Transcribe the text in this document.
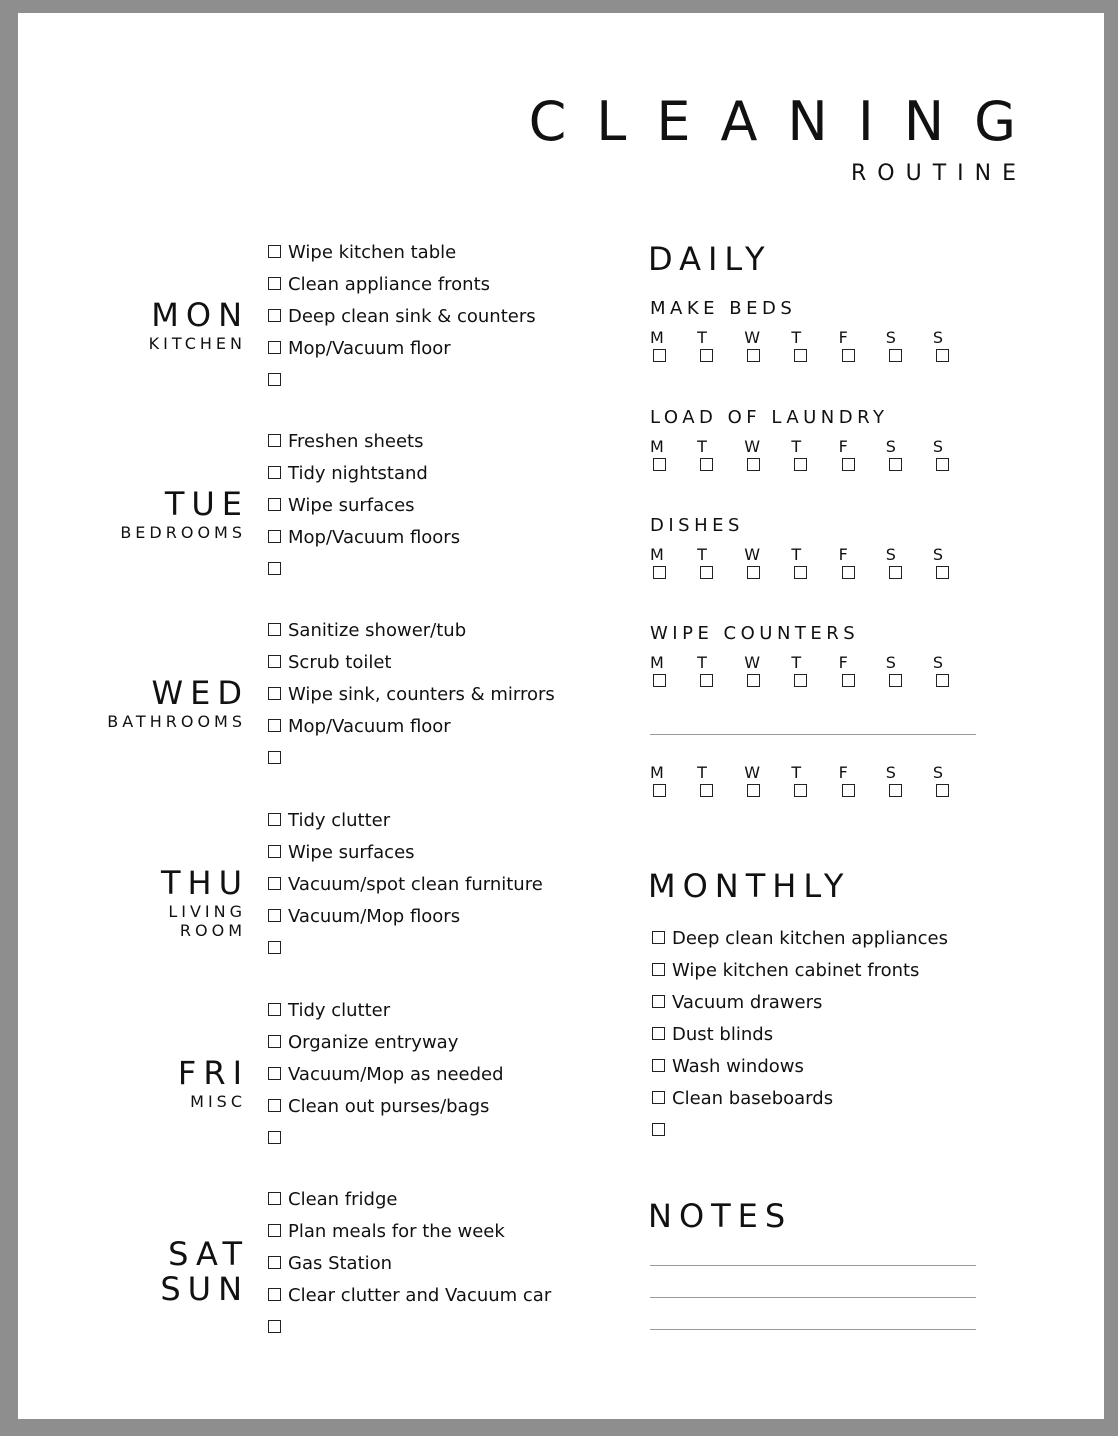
CLEANING
ROUTINE
Wipe kitchen table
Clean appliance fronts
Deep clean sink & counters
Mop/Vacuum floor
MON
KITCHEN
Freshen sheets
Tidy nightstand
Wipe surfaces
Mop/Vacuum floors
TUE
BEDROOMS
Sanitize shower/tub
Scrub toilet
Wipe sink, counters & mirrors
Mop/Vacuum floor
WED
BATHROOMS
Tidy clutter
Wipe surfaces
Vacuum/spot clean furniture
Vacuum/Mop floors
THU
LIVING
ROOM
Tidy clutter
Organize entryway
Vacuum/Mop as needed
Clean out purses/bags
FRI
MISC
Clean fridge
Plan meals for the week
Gas Station
Clear clutter and Vacuum car
SAT
SUN
DAILY
MAKE BEDS
M	T	W	T	F	S	S
LOAD OF LAUNDRY
M	T	W	T	F	S	S
DISHES
M	T	W	T	F	S	S
WIPE COUNTERS
M	T	W	T	F	S	S
M	T	W	T	F	S	S
MONTHLY
Deep clean kitchen appliances
Wipe kitchen cabinet fronts
Vacuum drawers
Dust blinds
Wash windows
Clean baseboards
NOTES
